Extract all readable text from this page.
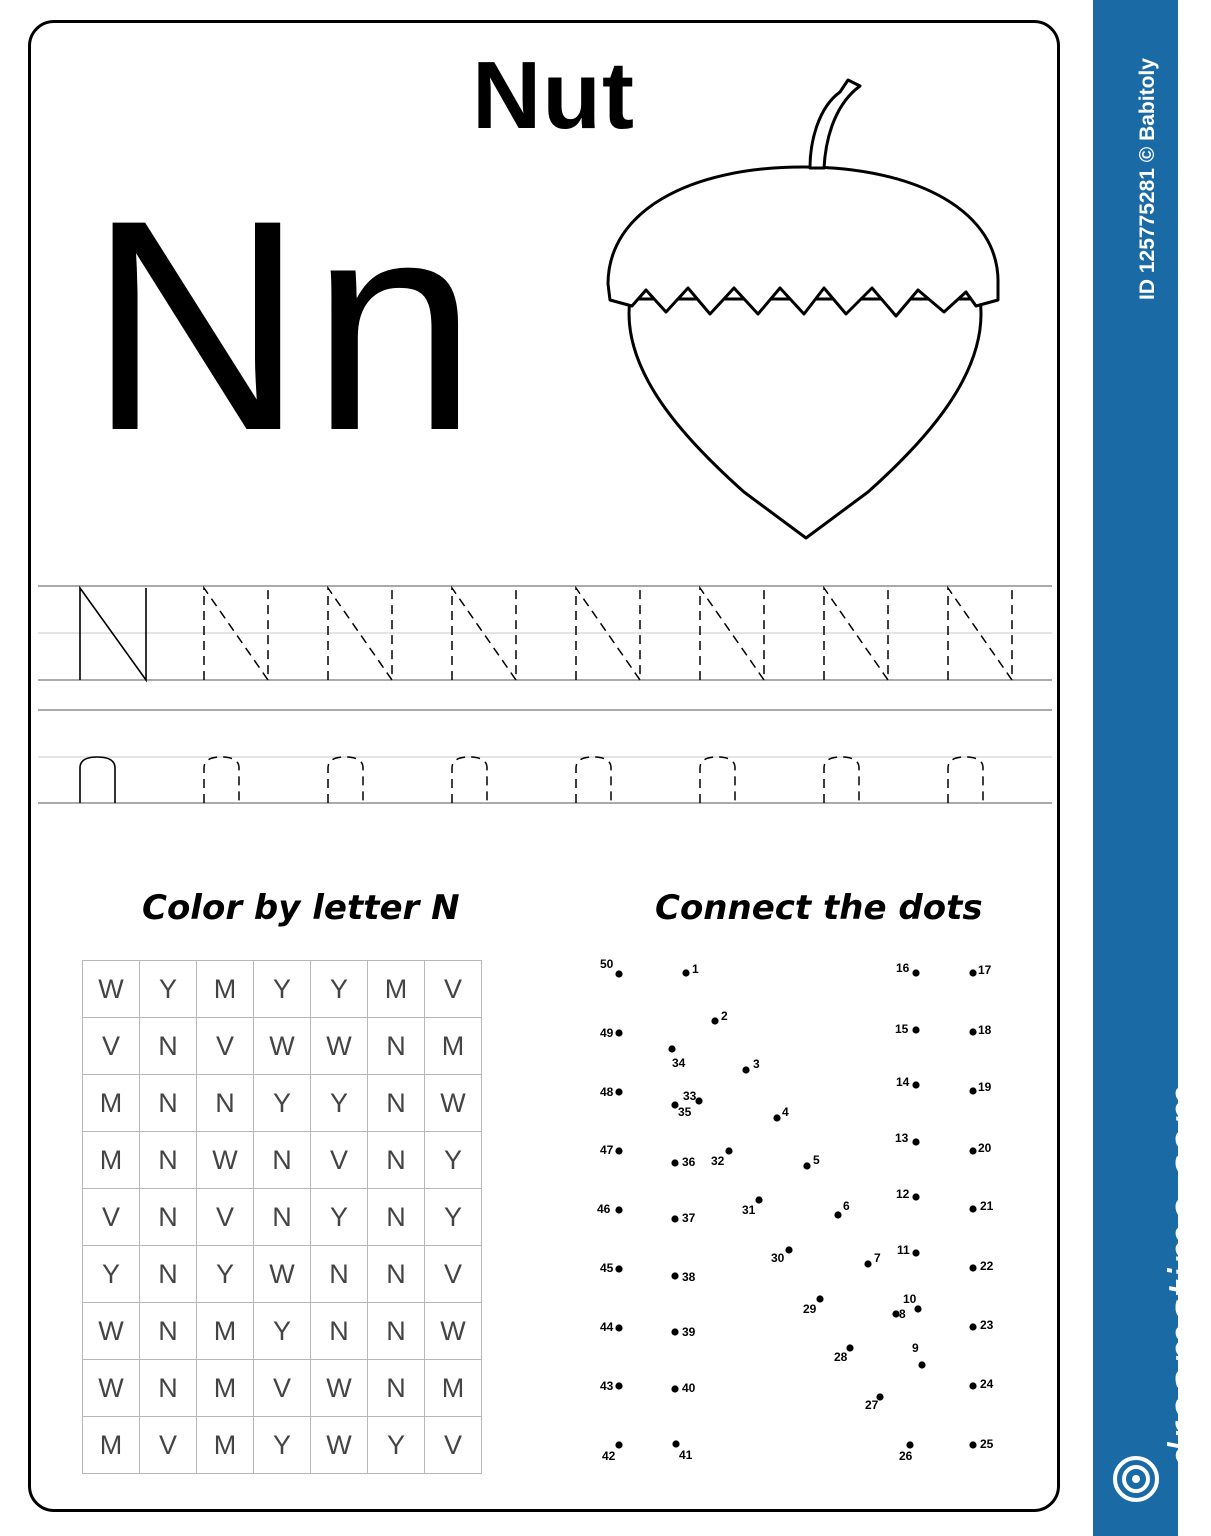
Nut
Nn
1
2
3
4
5
6
7
8
9
10
11
12
13
14
15
16	17
18
19
20
21
22
23
24
25
26
27
28
29
30
31
32
33
34
35
36
37
38
39
40
41
42
43
44
45
46
47
48
49
50
Color by letter N	Connect the dots
W	Y	M	Y	Y	M	V
V	N	V	W	W	N	M
M	N	N	Y	Y	N	W
M	N	W	N	V	N	Y
V	N	V	N	Y	N	Y
Y	N	Y	W	N	N	V
W	N	M	Y	N	N	W
W	N	M	V	W	N	M
M	V	M	Y	W	Y	V
ID 125775281 © Babitoly
dreamstime.com
